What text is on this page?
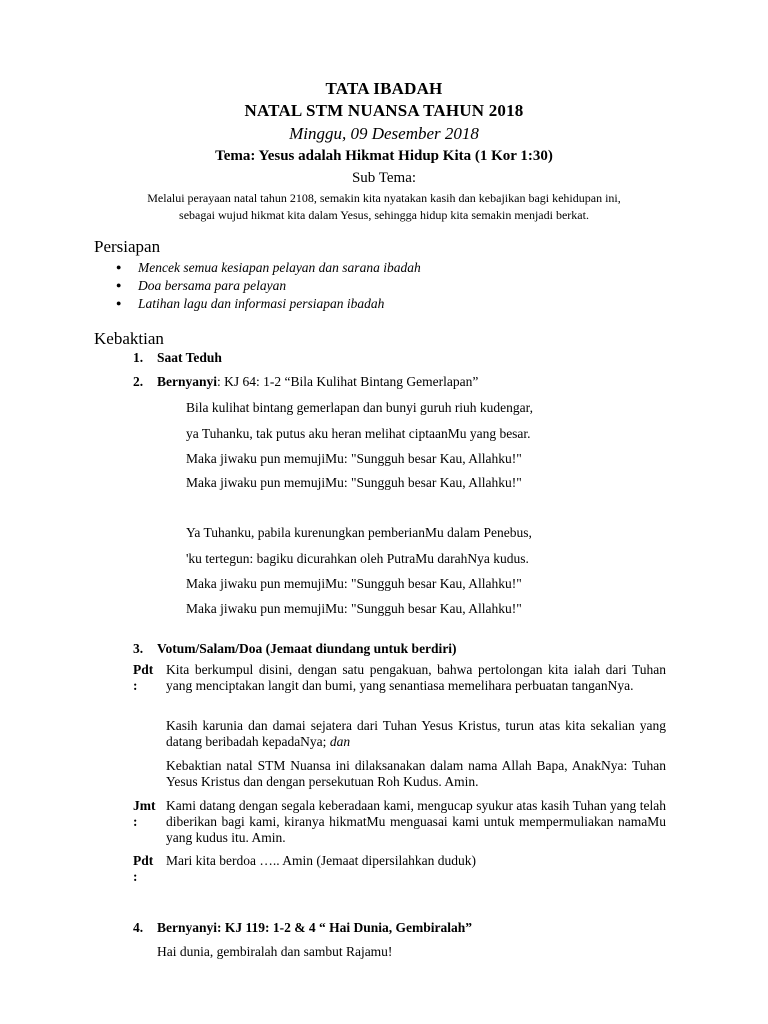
TATA IBADAH
NATAL STM NUANSA TAHUN 2018
Minggu, 09 Desember 2018
Tema: Yesus adalah Hikmat Hidup Kita (1 Kor 1:30)
Sub Tema:
Melalui perayaan natal tahun 2108, semakin kita nyatakan kasih dan kebajikan bagi kehidupan ini,
sebagai wujud hikmat kita dalam Yesus, sehingga hidup kita semakin menjadi berkat.
Persiapan
● Mencek semua kesiapan pelayan dan sarana ibadah
● Doa bersama para pelayan
● Latihan lagu dan informasi persiapan ibadah
Kebaktian
1. Saat Teduh
2. Bernyanyi: KJ 64: 1-2 “Bila Kulihat Bintang Gemerlapan”
Bila kulihat bintang gemerlapan dan bunyi guruh riuh kudengar,
ya Tuhanku, tak putus aku heran melihat ciptaanMu yang besar.
Maka jiwaku pun memujiMu: "Sungguh besar Kau, Allahku!"
Maka jiwaku pun memujiMu: "Sungguh besar Kau, Allahku!"
Ya Tuhanku, pabila kurenungkan pemberianMu dalam Penebus,
'ku tertegun: bagiku dicurahkan oleh PutraMu darahNya kudus.
Maka jiwaku pun memujiMu: "Sungguh besar Kau, Allahku!"
Maka jiwaku pun memujiMu: "Sungguh besar Kau, Allahku!"
3. Votum/Salam/Doa (Jemaat diundang untuk berdiri)
Pdt
:
Kita berkumpul disini, dengan satu pengakuan, bahwa pertolongan kita ialah dari Tuhan yang menciptakan langit dan bumi, yang senantiasa memelihara perbuatan tanganNya.
Kasih karunia dan damai sejatera dari Tuhan Yesus Kristus, turun atas kita sekalian yang datang beribadah kepadaNya; dan
Kebaktian natal STM Nuansa ini dilaksanakan dalam nama Allah Bapa, AnakNya: Tuhan Yesus Kristus dan dengan persekutuan Roh Kudus. Amin.
Jmt
:
Kami datang dengan segala keberadaan kami, mengucap syukur atas kasih Tuhan yang telah diberikan bagi kami, kiranya hikmatMu menguasai kami untuk mempermuliakan namaMu yang kudus itu. Amin.
Pdt
:
Mari kita berdoa ….. Amin (Jemaat dipersilahkan duduk)
4. Bernyanyi: KJ 119: 1-2 & 4 “ Hai Dunia, Gembiralah”
Hai dunia, gembiralah dan sambut Rajamu!
